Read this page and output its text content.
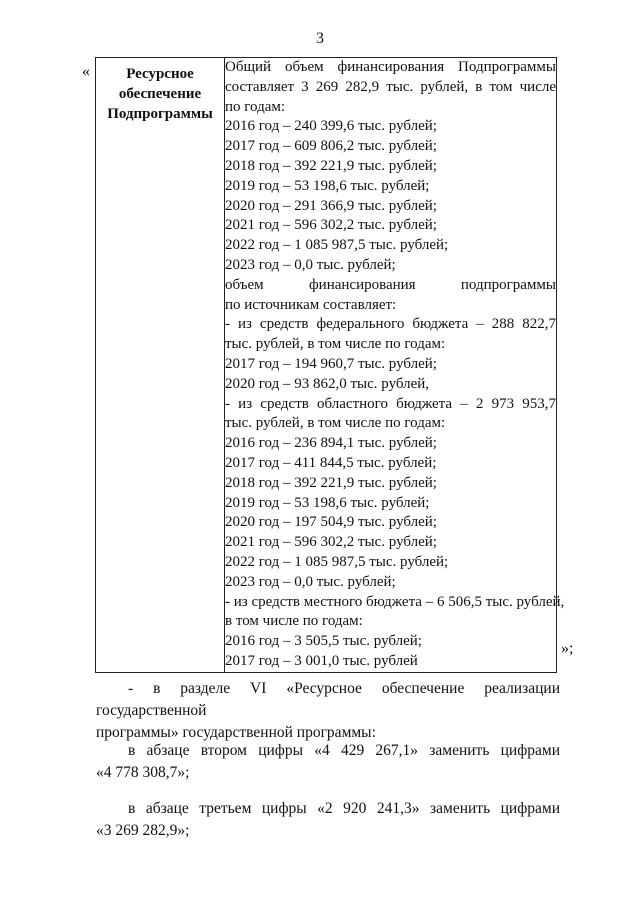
3
«	Ресурсное
обеспечение
Подпрограммы

Общий объем финансирования Подпрограммы
составляет 3 269 282,9 тыс. рублей, в том числе
по годам:
2016 год – 240 399,6 тыс. рублей;
2017 год – 609 806,2 тыс. рублей;
2018 год – 392 221,9 тыс. рублей;
2019 год – 53 198,6 тыс. рублей;
2020 год – 291 366,9 тыс. рублей;
2021 год – 596 302,2 тыс. рублей;
2022 год – 1 085 987,5 тыс. рублей;
2023 год – 0,0 тыс. рублей;
объем финансирования подпрограммы
по источникам составляет:
- из средств федерального бюджета – 288 822,7
тыс. рублей, в том числе по годам:
2017 год – 194 960,7 тыс. рублей;
2020 год – 93 862,0 тыс. рублей,
- из средств областного бюджета – 2 973 953,7
тыс. рублей, в том числе по годам:
2016 год – 236 894,1 тыс. рублей;
2017 год – 411 844,5 тыс. рублей;
2018 год – 392 221,9 тыс. рублей;
2019 год – 53 198,6 тыс. рублей;
2020 год – 197 504,9 тыс. рублей;
2021 год – 596 302,2 тыс. рублей;
2022 год – 1 085 987,5 тыс. рублей;
2023 год – 0,0 тыс. рублей;
- из средств местного бюджета – 6 506,5 тыс. рублей,
в том числе по годам:
2016 год – 3 505,5 тыс. рублей;
2017 год – 3 001,0 тыс. рублей
»;
- в разделе VI «Ресурсное обеспечение реализации государственной
программы» государственной программы:
в абзаце втором цифры «4 429 267,1» заменить цифрами
«4 778 308,7»;
в абзаце третьем цифры «2 920 241,3» заменить цифрами
«3 269 282,9»;
